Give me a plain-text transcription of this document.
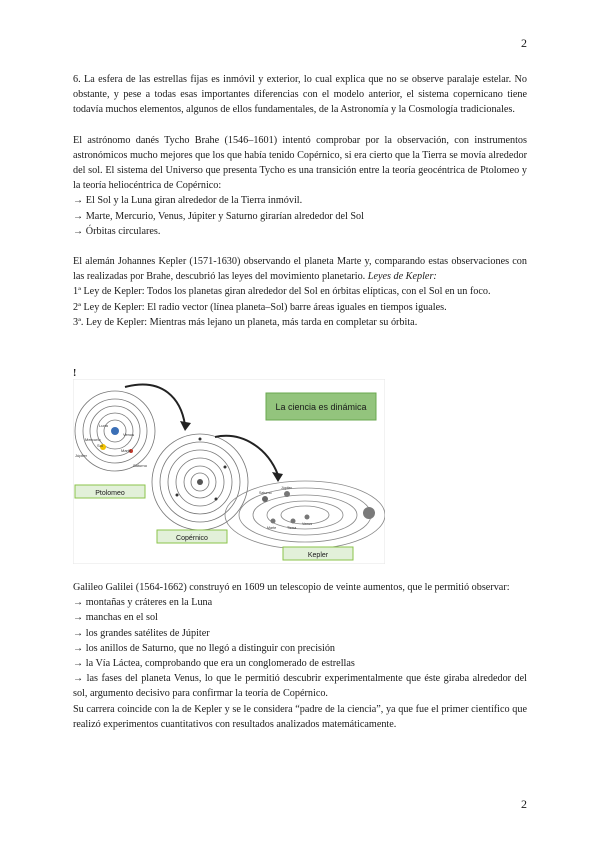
2

6. La esfera de las estrellas fijas es inmóvil y exterior, lo cual explica que no se observe paralaje estelar. No obstante, y pese a todas esas importantes diferencias con el modelo anterior, el sistema copernicano tiene todavía muchos elementos, algunos de ellos fundamentales, de la Astronomía y la Cosmología tradicionales.

El astrónomo danés Tycho Brahe (1546–1601) intentó comprobar por la observación, con instrumentos astronómicos mucho mejores que los que había tenido Copérnico, si era cierto que la Tierra se movía alrededor del sol. El sistema del Universo que presenta Tycho es una transición entre la teoría geocéntrica de Ptolomeo y la teoría heliocéntrica de Copérnico:

→ El Sol y la Luna giran alrededor de la Tierra inmóvil.

→ Marte, Mercurio, Venus, Júpiter y Saturno girarían alrededor del Sol

→ Órbitas circulares.

El alemán Johannes Kepler (1571-1630) observando el planeta Marte y, comparando estas observaciones con las realizadas por Brahe, descubrió las leyes del movimiento planetario. Leyes de Kepler:

1ª Ley de Kepler: Todos los planetas giran alrededor del Sol en órbitas elípticas, con el Sol en un foco.

2ª Ley de Kepler: El radio vector (línea planeta–Sol) barre áreas iguales en tiempos iguales.

3ª. Ley de Kepler: Mientras más lejano un planeta, más tarda en completar su órbita.

!
Luna
Sol
Marte
Mercurio
Venus
Júpiter
Saturno
Saturno
Júpiter
Marte	Tierra
Venus
La ciencia es dinámica
Ptolomeo
Copérnico
Kepler

Galileo Galilei (1564-1662) construyó en 1609 un telescopio de veinte aumentos, que le permitió observar:

→ montañas y cráteres en la Luna

→ manchas en el sol

→ los grandes satélites de Júpiter

→ los anillos de Saturno, que no llegó a distinguir con precisión

→ la Vía Láctea, comprobando que era un conglomerado de estrellas

→ las fases del planeta Venus, lo que le permitió descubrir experimentalmente que éste giraba alrededor del sol, argumento decisivo para confirmar la teoría de Copérnico.

Su carrera coincide con la de Kepler y se le considera “padre de la ciencia”, ya que fue el primer científico que realizó experimentos cuantitativos con resultados analizados matemáticamente.

2
